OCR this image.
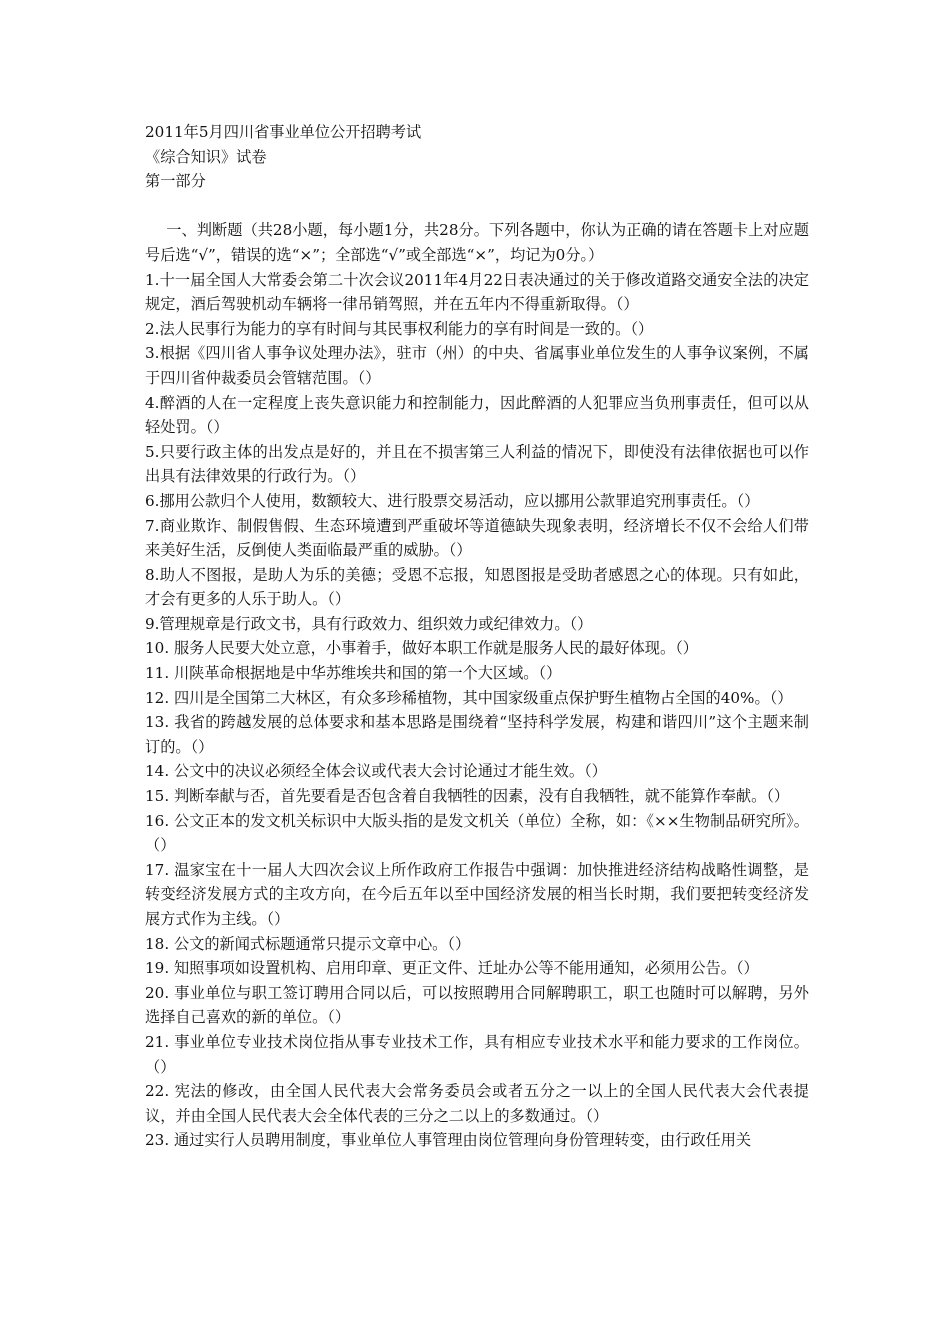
2011年5月四川省事业单位公开招聘考试

《综合知识》试卷

第一部分

一、判断题（共28小题，每小题1分，共28分。下列各题中，你认为正确的请在答题卡上对应题号后选“√”，错误的选“×”；全部选“√”或全部选“×”，均记为0分。）

1.十一届全国人大常委会第二十次会议2011年4月22日表决通过的关于修改道路交通安全法的决定规定，酒后驾驶机动车辆将一律吊销驾照，并在五年内不得重新取得。（）

2.法人民事行为能力的享有时间与其民事权利能力的享有时间是一致的。（）

3.根据《四川省人事争议处理办法》，驻市（州）的中央、省属事业单位发生的人事争议案例，不属于四川省仲裁委员会管辖范围。（）

4.醉酒的人在一定程度上丧失意识能力和控制能力，因此醉酒的人犯罪应当负刑事责任，但可以从轻处罚。（）

5.只要行政主体的出发点是好的，并且在不损害第三人利益的情况下，即使没有法律依据也可以作出具有法律效果的行政行为。（）

6.挪用公款归个人使用，数额较大、进行股票交易活动，应以挪用公款罪追究刑事责任。（）

7.商业欺诈、制假售假、生态环境遭到严重破坏等道德缺失现象表明，经济增长不仅不会给人们带来美好生活，反倒使人类面临最严重的威胁。（）

8.助人不图报，是助人为乐的美德；受恩不忘报，知恩图报是受助者感恩之心的体现。只有如此，才会有更多的人乐于助人。（）

9.管理规章是行政文书，具有行政效力、组织效力或纪律效力。（）

10. 服务人民要大处立意，小事着手，做好本职工作就是服务人民的最好体现。（）

11. 川陕革命根据地是中华苏维埃共和国的第一个大区域。（）

12. 四川是全国第二大林区，有众多珍稀植物，其中国家级重点保护野生植物占全国的40%。（）

13. 我省的跨越发展的总体要求和基本思路是围绕着“坚持科学发展，构建和谐四川”这个主题来制订的。（）

14. 公文中的决议必须经全体会议或代表大会讨论通过才能生效。（）

15. 判断奉献与否，首先要看是否包含着自我牺牲的因素，没有自我牺牲，就不能算作奉献。（）

16. 公文正本的发文机关标识中大版头指的是发文机关（单位）全称，如：《××生物制品研究所》。（）

17. 温家宝在十一届人大四次会议上所作政府工作报告中强调：加快推进经济结构战略性调整，是转变经济发展方式的主攻方向，在今后五年以至中国经济发展的相当长时期，我们要把转变经济发展方式作为主线。（）

18. 公文的新闻式标题通常只提示文章中心。（）

19. 知照事项如设置机构、启用印章、更正文件、迁址办公等不能用通知，必须用公告。（）

20. 事业单位与职工签订聘用合同以后，可以按照聘用合同解聘职工，职工也随时可以解聘，另外选择自己喜欢的新的单位。（）

21. 事业单位专业技术岗位指从事专业技术工作，具有相应专业技术水平和能力要求的工作岗位。（）

22. 宪法的修改，由全国人民代表大会常务委员会或者五分之一以上的全国人民代表大会代表提议，并由全国人民代表大会全体代表的三分之二以上的多数通过。（）

23. 通过实行人员聘用制度，事业单位人事管理由岗位管理向身份管理转变，由行政任用关
